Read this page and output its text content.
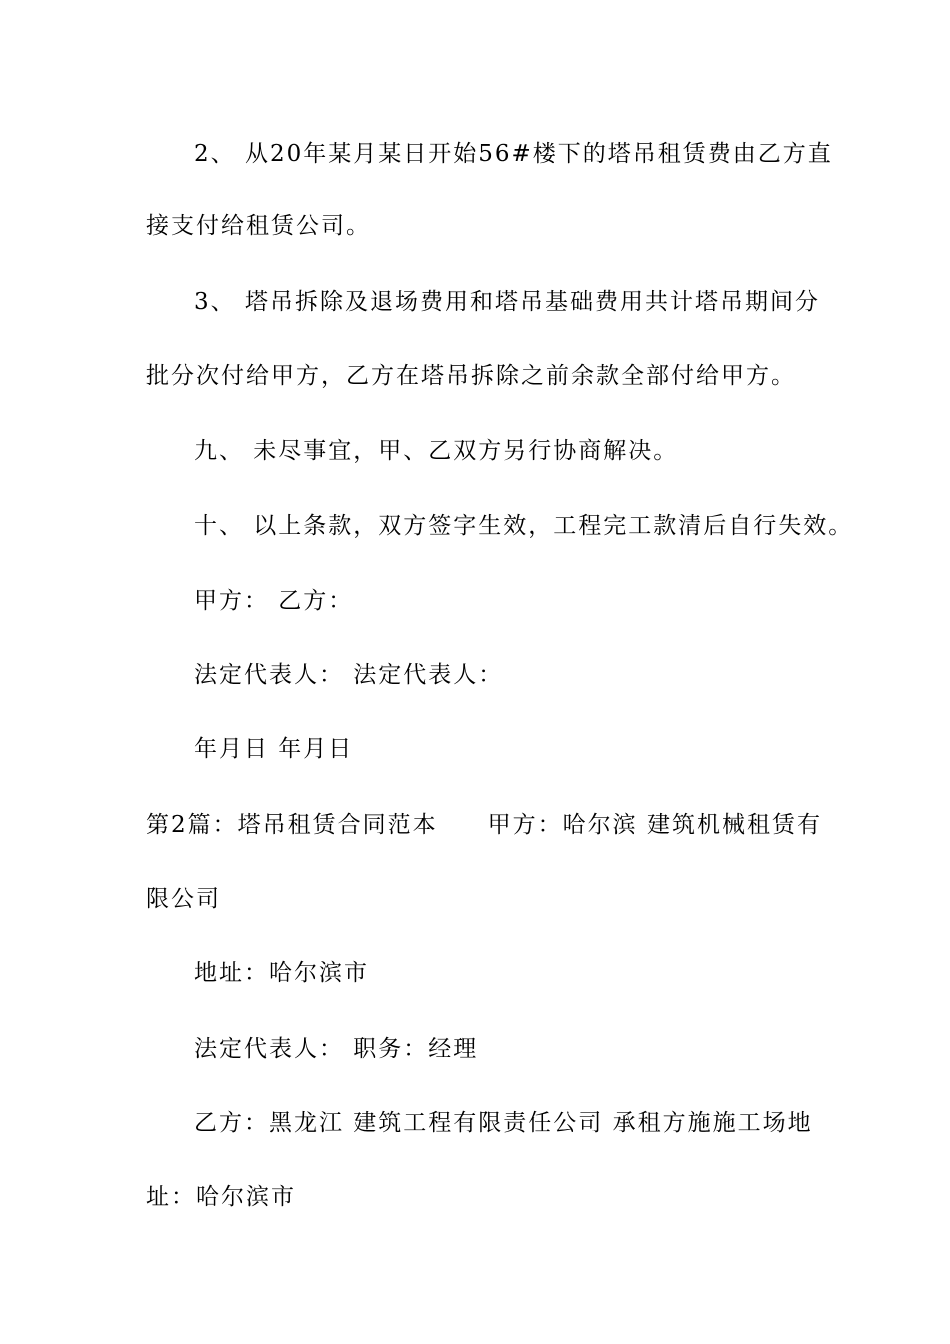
2、 从20年某月某日开始56#楼下的塔吊租赁费由乙方直
接支付给租赁公司。
3、 塔吊拆除及退场费用和塔吊基础费用共计塔吊期间分
批分次付给甲方，乙方在塔吊拆除之前余款全部付给甲方。
九、 未尽事宜，甲、乙双方另行协商解决。
十、 以上条款，双方签字生效，工程完工款清后自行失效。
甲方： 乙方：
法定代表人： 法定代表人：
年月日 年月日
第2篇：塔吊租赁合同范本 甲方：哈尔滨 建筑机械租赁有
限公司
地址：哈尔滨市
法定代表人： 职务：经理
乙方：黑龙江 建筑工程有限责任公司 承租方施施工场地
址：哈尔滨市
